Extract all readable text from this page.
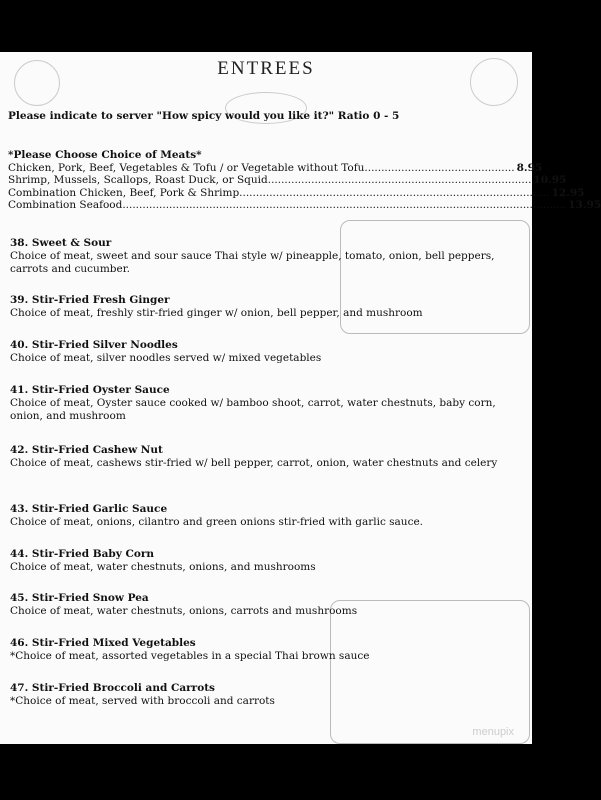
ENTREES
Please indicate to server "How spicy would you like it?" Ratio 0 - 5
*Please Choose Choice of Meats*
Chicken, Pork, Beef, Vegetables & Tofu / or Vegetable without Tofu............................................. 8.95
Shrimp, Mussels, Scallops, Roast Duck, or Squid............................................................................... 10.95
Combination Chicken, Beef, Pork & Shrimp............................................................................................. 12.95
Combination Seafood..................................................................................................................................... 13.95
38. Sweet & Sour
Choice of meat, sweet and sour sauce Thai style w/ pineapple, tomato, onion, bell peppers, carrots and cucumber.
39. Stir-Fried Fresh Ginger
Choice of meat, freshly stir-fried ginger w/ onion, bell pepper, and mushroom
40. Stir-Fried Silver Noodles
Choice of meat, silver noodles served w/ mixed vegetables
41. Stir-Fried Oyster Sauce
Choice of meat, Oyster sauce cooked w/ bamboo shoot, carrot, water chestnuts, baby corn, onion, and mushroom
42. Stir-Fried Cashew Nut
Choice of meat, cashews stir-fried w/ bell pepper, carrot, onion, water chestnuts and celery
43. Stir-Fried Garlic Sauce
Choice of meat, onions, cilantro and green onions stir-fried with garlic sauce.
44. Stir-Fried Baby Corn
Choice of meat, water chestnuts, onions, and mushrooms
45. Stir-Fried Snow Pea
Choice of meat, water chestnuts, onions, carrots and mushrooms
46. Stir-Fried Mixed Vegetables
*Choice of meat, assorted vegetables in a special Thai brown sauce
47. Stir-Fried Broccoli and Carrots
*Choice of meat, served with broccoli and carrots
menupix
